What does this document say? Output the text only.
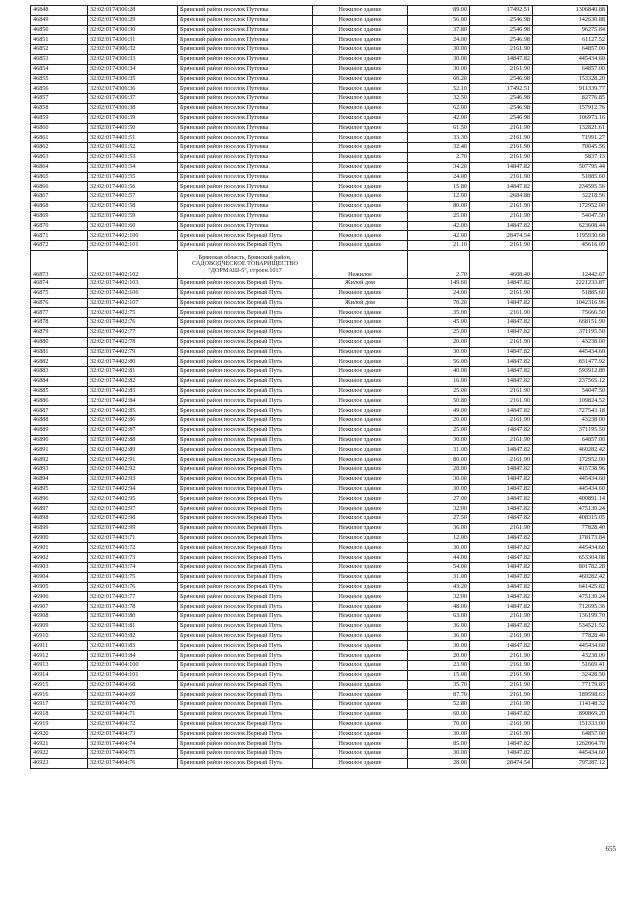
46848	32:02:0174306:28	Брянский район поселок Путевка	Нежилое здание	89.00	17492.51	1306840.88
46849	32:02:0174306:29	Брянский район поселок Путевка	Нежилое здание	56.00	2546.98	142630.88
46850	32:02:0174306:30	Брянский район поселок Путевка	Нежилое здание	37.80	2546.98	96275.84
46851	32:02:0174306:31	Брянский район поселок Путевка	Нежилое здание	24.00	2546.98	61127.52
46852	32:02:0174306:32	Брянский район поселок Путевка	Нежилое здание	30.00	2161.90	64857.00
46853	32:02:0174306:33	Брянский район поселок Путевка	Нежилое здание	30.00	14847.82	445434.60
46854	32:02:0174306:34	Брянский район поселок Путевка	Нежилое здание	30.00	2161.90	64857.00
46855	32:02:0174306:35	Брянский район поселок Путевка	Нежилое здание	60.20	2546.98	153328.20
46856	32:02:0174306:36	Брянский район поселок Путевка	Нежилое здание	52.10	17492.51	911339.77
46857	32:02:0174306:37	Брянский район поселок Путевка	Нежилое здание	32.50	2546.98	82776.85
46858	32:02:0174306:38	Брянский район поселок Путевка	Нежилое здание	62.00	2546.98	157912.76
46859	32:02:0174306:39	Брянский район поселок Путевка	Нежилое здание	42.00	2546.98	106973.16
46860	32:02:0174401:50	Брянский район поселок Путевка	Нежилое здание	61.50	2161.90	132821.61
46861	32:02:0174401:51	Брянский район поселок Путевка	Нежилое здание	33.30	2161.90	71991.27
46862	32:02:0174401:52	Брянский район поселок Путевка	Нежилое здание	32.40	2161.90	70045.56
46863	32:02:0174401:53	Брянский район поселок Путевка	Нежилое здание	2.70	2161.90	5837.13
46864	32:02:0174401:54	Брянский район поселок Путевка	Нежилое здание	34.20	14847.82	507795.44
46865	32:02:0174401:55	Брянский район поселок Путевка	Нежилое здание	24.00	2161.90	51885.60
46866	32:02:0174401:56	Брянский район поселок Путевка	Нежилое здание	15.80	14847.82	234595.56
46867	32:02:0174401:57	Брянский район поселок Путевка	Нежилое здание	12.00	2684.88	32218.56
46868	32:02:0174401:58	Брянский район поселок Путевка	Нежилое здание	80.00	2161.90	172952.00
46869	32:02:0174401:59	Брянский район поселок Путевка	Нежилое здание	25.00	2161.90	54047.50
46870	32:02:0174401:60	Брянский район поселок Путевка	Нежилое здание	42.00	14847.82	623608.44
46871	32:02:0174402:100	Брянский район поселок Верный Путь	Нежилое здание	42.00	28474.54	1195930.68
46872	32:02:0174402:101	Брянский район поселок Верный Путь	Нежилое здание	21.10	2161.90	45616.09
46873	32:02:0174402:102	Брянская область, Брянский район, САДОВОДЧЕСКОЕ ТОВАРИЩЕСТВО "ДОРМАШ-5", строен.1017	Нежилое	2.70	4608.40	12442.67
46874	32:02:0174402:103	Брянский район поселок Верный Путь	Жилой дом	149.60	14847.82	2221233.87
46875	32:02:0174402:106	Брянский район поселок Верный Путь	Нежилое здание	24.00	2161.90	51885.60
46876	32:02:0174402:107	Брянский район поселок Верный Путь	Жилой дом	70.20	14847.82	1042316.96
46877	32:02:0174402:75	Брянский район поселок Верный Путь	Нежилое здание	35.00	2161.90	75666.50
46878	32:02:0174402:76	Брянский район поселок Верный Путь	Нежилое здание	45.00	14847.82	668151.90
46879	32:02:0174402:77	Брянский район поселок Верный Путь	Нежилое здание	25.00	14847.82	371195.50
46880	32:02:0174402:78	Брянский район поселок Верный Путь	Нежилое здание	20.00	2161.90	43238.00
46881	32:02:0174402:79	Брянский район поселок Верный Путь	Нежилое здание	30.00	14847.82	445434.60
46882	32:02:0174402:80	Брянский район поселок Верный Путь	Нежилое здание	56.00	14847.82	831477.92
46883	32:02:0174402:81	Брянский район поселок Верный Путь	Нежилое здание	40.00	14847.82	593912.80
46884	32:02:0174402:82	Брянский район поселок Верный Путь	Нежилое здание	16.00	14847.82	237565.12
46885	32:02:0174402:83	Брянский район поселок Верный Путь	Нежилое здание	25.00	2161.90	54047.50
46886	32:02:0174402:84	Брянский район поселок Верный Путь	Нежилое здание	50.80	2161.90	109824.52
46887	32:02:0174402:85	Брянский район поселок Верный Путь	Нежилое здание	49.00	14847.82	727543.18
46888	32:02:0174402:86	Брянский район поселок Верный Путь	Нежилое здание	20.00	2161.90	43238.00
46889	32:02:0174402:87	Брянский район поселок Верный Путь	Нежилое здание	25.00	14847.82	371195.50
46890	32:02:0174402:88	Брянский район поселок Верный Путь	Нежилое здание	30.00	2161.90	64857.00
46891	32:02:0174402:89	Брянский район поселок Верный Путь	Нежилое здание	31.00	14847.82	460282.42
46892	32:02:0174402:91	Брянский район поселок Верный Путь	Нежилое здание	80.00	2161.90	172952.00
46893	32:02:0174402:92	Брянский район поселок Верный Путь	Нежилое здание	28.00	14847.82	415738.96
46894	32:02:0174402:93	Брянский район поселок Верный Путь	Нежилое здание	30.00	14847.82	445434.60
46895	32:02:0174402:94	Брянский район поселок Верный Путь	Нежилое здание	30.00	14847.82	445434.60
46896	32:02:0174402:95	Брянский район поселок Верный Путь	Нежилое здание	27.00	14847.82	400891.14
46897	32:02:0174402:97	Брянский район поселок Верный Путь	Нежилое здание	32.00	14847.82	475130.24
46898	32:02:0174402:98	Брянский район поселок Верный Путь	Нежилое здание	27.50	14847.82	408315.05
46899	32:02:0174402:99	Брянский район поселок Верный Путь	Нежилое здание	36.00	2161.90	77828.40
46900	32:02:0174403:71	Брянский район поселок Верный Путь	Нежилое здание	12.00	14847.82	178173.84
46901	32:02:0174403:72	Брянский район поселок Верный Путь	Нежилое здание	30.00	14847.82	445434.60
46902	32:02:0174403:73	Брянский район поселок Верный Путь	Нежилое здание	44.00	14847.82	653304.08
46903	32:02:0174403:74	Брянский район поселок Верный Путь	Нежилое здание	54.00	14847.82	801782.28
46904	32:02:0174403:75	Брянский район поселок Верный Путь	Нежилое здание	31.00	14847.82	460282.42
46905	32:02:0174403:76	Брянский район поселок Верный Путь	Нежилое здание	43.20	14847.82	641425.82
46906	32:02:0174403:77	Брянский район поселок Верный Путь	Нежилое здание	32.00	14847.82	475130.24
46907	32:02:0174403:78	Брянский район поселок Верный Путь	Нежилое здание	48.00	14847.82	712695.36
46908	32:02:0174403:80	Брянский район поселок Верный Путь	Нежилое здание	63.00	2161.90	136199.70
46909	32:02:0174403:81	Брянский район поселок Верный Путь	Нежилое здание	36.00	14847.82	534521.52
46910	32:02:0174403:82	Брянский район поселок Верный Путь	Нежилое здание	36.00	2161.90	77828.40
46911	32:02:0174403:83	Брянский район поселок Верный Путь	Нежилое здание	30.00	14847.82	445434.60
46912	32:02:0174403:84	Брянский район поселок Верный Путь	Нежилое здание	20.00	2161.90	43238.00
46913	32:02:0174404:100	Брянский район поселок Верный Путь	Нежилое здание	23.90	2161.90	51669.41
46914	32:02:0174404:101	Брянский район поселок Верный Путь	Нежилое здание	15.00	2161.90	32428.50
46915	32:02:0174404:68	Брянский район поселок Верный Путь	Нежилое здание	35.70	2161.90	77179.83
46916	32:02:0174404:69	Брянский район поселок Верный Путь	Нежилое здание	87.70	2161.90	189598.63
46917	32:02:0174404:70	Брянский район поселок Верный Путь	Нежилое здание	52.80	2161.90	114148.32
46918	32:02:0174404:71	Брянский район поселок Верный Путь	Нежилое здание	60.00	14847.82	890869.20
46919	32:02:0174404:72	Брянский район поселок Верный Путь	Нежилое здание	70.00	2161.90	151333.00
46920	32:02:0174404:73	Брянский район поселок Верный Путь	Нежилое здание	30.00	2161.90	64857.00
46921	32:02:0174404:74	Брянский район поселок Верный Путь	Нежилое здание	85.00	14847.82	1262064.70
46922	32:02:0174404:75	Брянский район поселок Верный Путь	Нежилое здание	30.00	14847.82	445434.60
46923	32:02:0174404:76	Брянский район поселок Верный Путь	Нежилое здание	28.00	28474.54	797287.12
655
